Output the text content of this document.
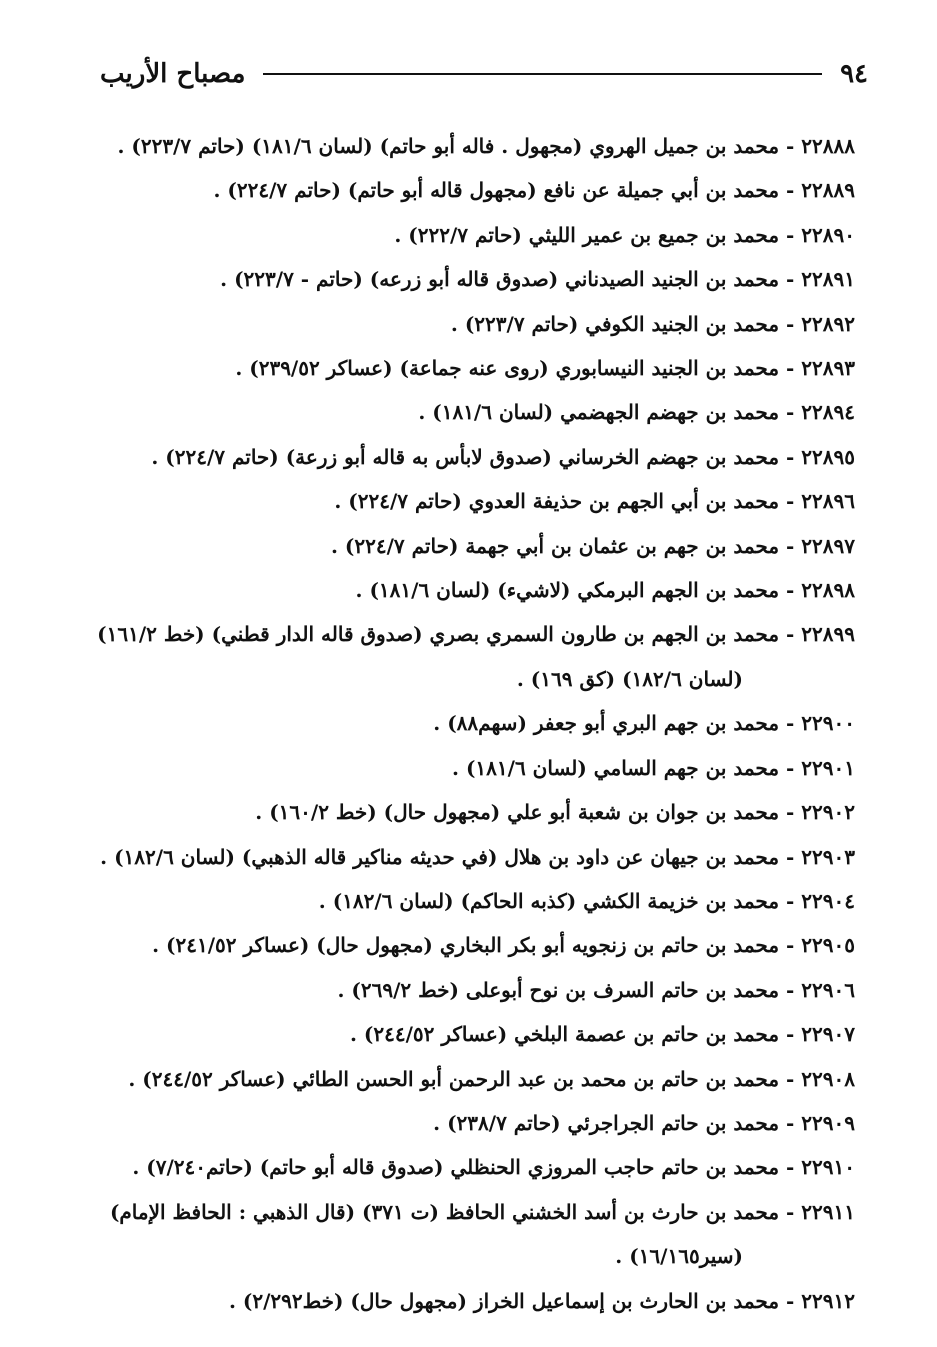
٩٤
مصباح الأريب
٢٢٨٨٨ - محمد بن جميل الهروي (مجهول . فاله أبو حاتم) (لسان ١٨١/٦) (حاتم ٢٢٣/٧) .
٢٢٨٨٩ - محمد بن أبي جميلة عن نافع (مجهول قاله أبو حاتم) (حاتم ٢٢٤/٧) .
٢٢٨٩٠ - محمد بن جميع بن عمير الليثي (حاتم ٢٢٢/٧) .
٢٢٨٩١ - محمد بن الجنيد الصيدناني (صدوق قاله أبو زرعه) (حاتم - ٢٢٣/٧) .
٢٢٨٩٢ - محمد بن الجنيد الكوفي (حاتم ٢٢٣/٧) .
٢٢٨٩٣ - محمد بن الجنيد النيسابوري (روى عنه جماعة) (عساكر ٢٣٩/٥٢) .
٢٢٨٩٤ - محمد بن جهضم الجهضمي (لسان ١٨١/٦) .
٢٢٨٩٥ - محمد بن جهضم الخرساني (صدوق لابأس به قاله أبو زرعة) (حاتم ٢٢٤/٧) .
٢٢٨٩٦ - محمد بن أبي الجهم بن حذيفة العدوي (حاتم ٢٢٤/٧) .
٢٢٨٩٧ - محمد بن جهم بن عثمان بن أبي جهمة (حاتم ٢٢٤/٧) .
٢٢٨٩٨ - محمد بن الجهم البرمكي (لاشيء) (لسان ١٨١/٦) .
٢٢٨٩٩ - محمد بن الجهم بن طارون السمري بصري (صدوق قاله الدار قطني) (خط ١٦١/٢)
(لسان ١٨٢/٦) (كق ١٦٩) .
٢٢٩٠٠ - محمد بن جهم البري أبو جعفر (سهم٨٨) .
٢٢٩٠١ - محمد بن جهم السامي (لسان ١٨١/٦) .
٢٢٩٠٢ - محمد بن جوان بن شعبة أبو علي (مجهول حال) (خط ١٦٠/٢) .
٢٢٩٠٣ - محمد بن جيهان عن داود بن هلال (في حديثه مناكير قاله الذهبي) (لسان ١٨٢/٦) .
٢٢٩٠٤ - محمد بن خزيمة الكشي (كذبه الحاكم) (لسان ١٨٢/٦) .
٢٢٩٠٥ - محمد بن حاتم بن زنجويه أبو بكر البخاري (مجهول حال) (عساكر ٢٤١/٥٢) .
٢٢٩٠٦ - محمد بن حاتم السرف بن نوح أبوعلى (خط ٢٦٩/٢) .
٢٢٩٠٧ - محمد بن حاتم بن عصمة البلخي (عساكر ٢٤٤/٥٢) .
٢٢٩٠٨ - محمد بن حاتم بن محمد بن عبد الرحمن أبو الحسن الطائي (عساكر ٢٤٤/٥٢) .
٢٢٩٠٩ - محمد بن حاتم الجراجرئي (حاتم ٢٣٨/٧) .
٢٢٩١٠ - محمد بن حاتم حاجب المروزي الحنظلي (صدوق قاله أبو حاتم) (حاتم٧/٢٤٠) .
٢٢٩١١ - محمد بن حارث بن أسد الخشني الحافظ (ت ٣٧١) (قال الذهبي : الحافظ الإمام)
(سير١٦/١٦٥) .
٢٢٩١٢ - محمد بن الحارث بن إسماعيل الخراز (مجهول حال) (خط٢/٢٩٢) .
